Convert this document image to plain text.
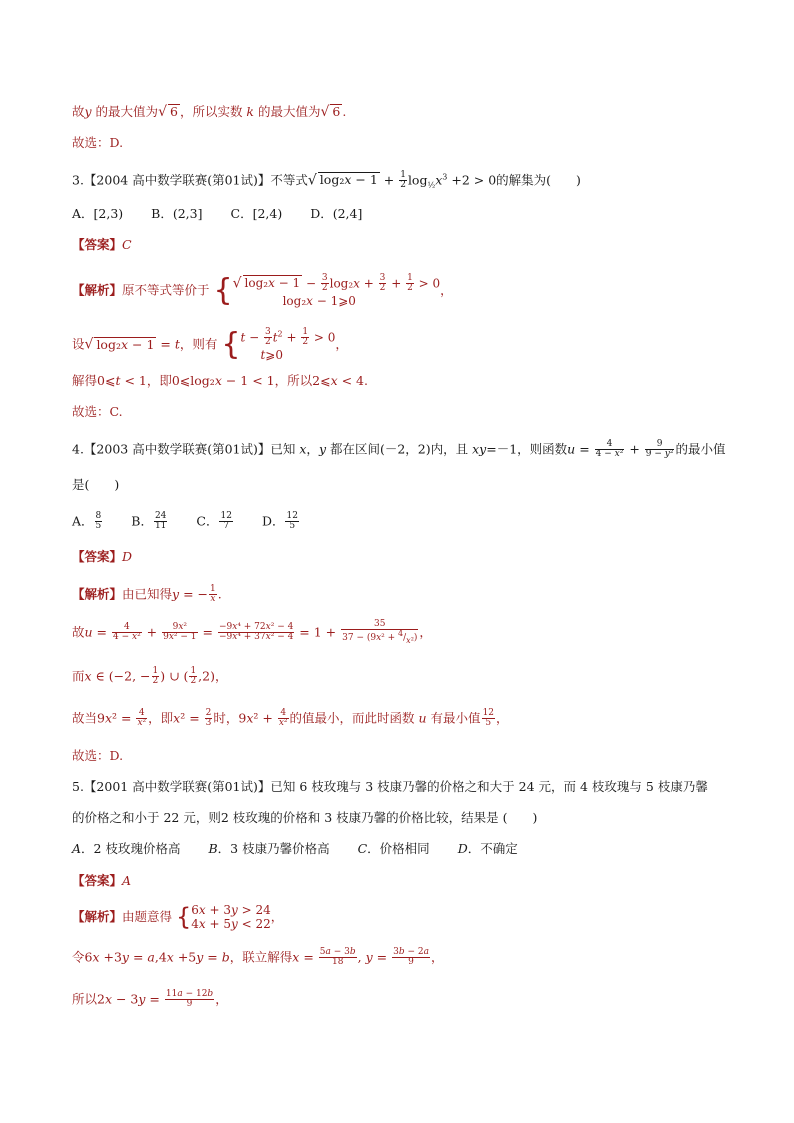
故y 的最大值为√ 6 ，所以实数 k 的最大值为√ 6 .
故选：D.
3.【2004 高中数学联赛(第01试)】不等式√ $\log_2x - 1 + \frac{1}{2} \log_{\frac{1}{2}}x^3 +2 > 0$的解集为(　　)
A．[2,3) B．(2,3] C．[2,4) D．(2,4]
【答案】C
【解析】原不等式等价于 { √ $\log_2x - 1 - \frac{3}{2} \log_2x + \frac{3}{2} + \frac{1}{2} > 0$
log₂x − 1⩾0
，
设√ log₂x − 1 = t，则有 { $t - \frac{3}{2} t^2 + \frac{1}{2} > 0$
t⩾0
，
解得0⩽t < 1，即0⩽log₂x − 1 < 1，所以2⩽x < 4.
故选：C.
4.【2003 高中数学联赛(第01试)】已知 x，y 都在区间(－2，2)内，且 xy=－1，则函数$u = \frac{4}{\text{4 − x²}} + \frac{9}{\text{9 − y²}}$ 的最小值
是(　　)
A． $\frac{8}{5}$ B． $\frac{24}{11}$ C． $\frac{12}{7}$ D． $\frac{12}{5}$
【答案】D
【解析】由已知得y = − $\frac{1}{x}$ .
故$u = \frac{4}{\text{4 − x²}} + \frac{\text{9x²}}{\text{9x² − 1}} = \frac{\text{−9x⁴ + 72x² − 4}}{\text{−9x⁴ + 37x² − 4}} = 1 + \frac{35}{37 - (9x^2 + ^4/_{x^2})}$ ，
而x ∈ (−2, − $\frac{1}{2}$ ) ∪ ( $\frac{1}{2} ,2$)，
故当$9x^2 = \frac{4}{\text{x²}}$ ，即$x^2 = \frac{2}{3}$ 时，$9x^2 + \frac{4}{\text{x²}}$ 的值最小，而此时函数 u 有最小值 $\frac{12}{5}$ ，
故选：D.
5.【2001 高中数学联赛(第01试)】已知 6 枝玫瑰与 3 枝康乃馨的价格之和大于 24 元，而 4 枝玫瑰与 5 枝康乃馨
的价格之和小于 22 元，则2 枝玫瑰的价格和 3 枝康乃馨的价格比较，结果是 (　　)
A．2 枝玫瑰价格高 B．3 枝康乃馨价格高 C．价格相同 D．不确定
【答案】A
【解析】由题意得 { 6x + 3y > 24
4x + 5y < 22
，
令6x +3y = a,4x +5y = b，联立解得$x = \frac{5a - 3b}{18}$ , $y = \frac{3b - 2a}{9}$ ，
所以$2x - 3y = \frac{11a - 12b}{9}$ ，
